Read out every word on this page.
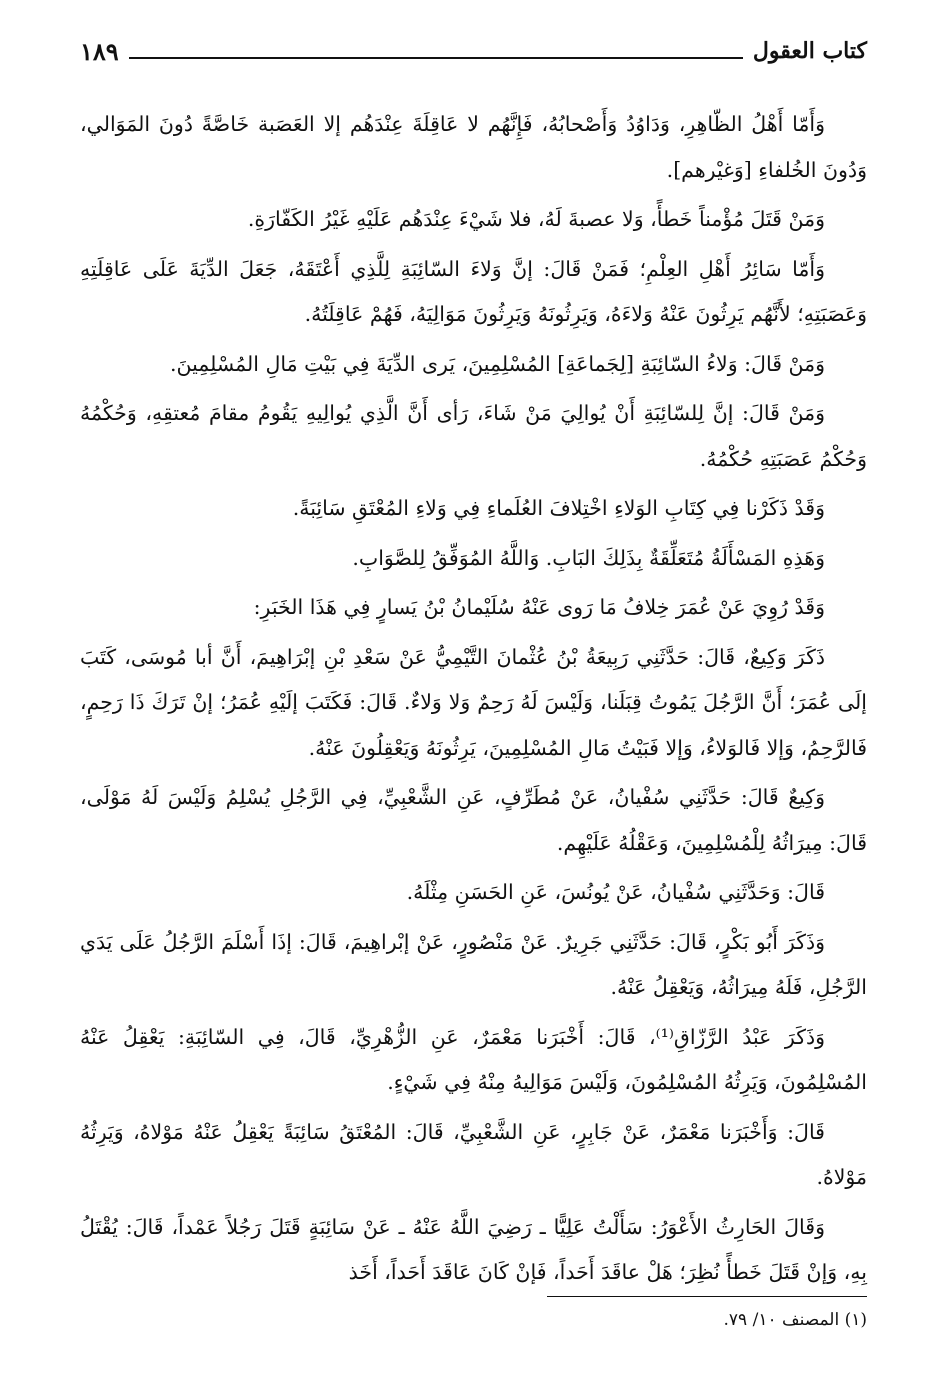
كتاب العقول
١٨٩

وَأَمّا أَهْلُ الظّاهِرِ، وَدَاوُدُ وَأَصْحابُهُ، فَإِنَّهُم لا عَاقِلَةَ عِنْدَهُم إلا العَصَبة خَاصَّةً دُونَ المَوَالي، وَدُونَ الخُلفاءِ [وَغيْرهم].

وَمَنْ قَتَلَ مُؤْمناً خَطأً، وَلا عصبةَ لَهُ، فلا شَيْءَ عِنْدَهُم عَلَيْهِ غَيْرُ الكَفّارَةِ.

وَأَمّا سَائِرُ أَهْلِ العِلْمِ؛ فَمَنْ قَالَ: إنَّ وَلاءَ السّائِبَةِ لِلَّذِي أَعْتَقَهُ، جَعَلَ الدِّيَةَ عَلَى عَاقِلَتِهِ وَعَصَبَتِهِ؛ لأَنَّهُم يَرِثُونَ عَنْهُ وَلاءَهُ، وَيَرِثُونَهُ وَيَرِثُونَ مَوَالِيَهُ، فَهُمْ عَاقِلَتُهُ.

وَمَنْ قَالَ: وَلاءُ السّائِبَةِ [لِجَماعَةِ] المُسْلِمِينَ، يَرى الدِّيَةَ فِي بَيْتِ مَالِ المُسْلِمِينَ.

وَمَنْ قَالَ: إنَّ لِلسّائِبَةِ أَنْ يُوالِيَ مَنْ شَاءَ، رَأى أَنَّ الَّذِي يُوالِيهِ يَقُومُ مقامَ مُعتقِهِ، وَحُكْمُهُ وَحُكْمُ عَصَبَتِهِ حُكْمُهُ.

وَقَدْ ذَكَرْنا فِي كِتَابِ الوَلاءِ اخْتِلافَ العُلَماءِ فِي وَلاءِ المُعْتَقِ سَائِبَةً.

وَهَذِهِ المَسْأَلَةُ مُتَعَلِّقَةٌ بِذَلِكَ البَابِ. وَاللَّهُ المُوَفِّقُ لِلصَّوَابِ.

وَقَدْ رُوِيَ عَنْ عُمَرَ خِلافُ مَا رَوى عَنْهُ سُلَيْمانُ بْنُ يَسارٍ فِي هَذَا الخَبَرِ:

ذَكَرَ وَكِيعٌ، قَالَ: حَدَّثَنِي رَبِيعَةُ بْنُ عُثْمانَ التَّيْمِيُّ عَنْ سَعْدِ بْنِ إبْرَاهِيمَ، أَنَّ أبا مُوسَى، كَتَبَ إلَى عُمَرَ؛ أَنَّ الرَّجُلَ يَمُوتُ قِبَلَنا، وَلَيْسَ لَهُ رَحِمٌ وَلا وَلاءٌ. قَالَ: فَكَتَبَ إلَيْهِ عُمَرُ؛ إنْ تَرَكَ ذَا رَحِمٍ، فَالرَّحِمُ، وَإلا فَالوَلاءُ، وَإلا فَبَيْتُ مَالِ المُسْلِمِينَ، يَرِثُونَهُ وَيَعْقِلُونَ عَنْهُ.

وَكِيعٌ قَالَ: حَدَّثَنِي سُفْيانُ، عَنْ مُطَرِّفٍ، عَنِ الشَّعْبِيِّ، فِي الرَّجُلِ يُسْلِمُ وَلَيْسَ لَهُ مَوْلَى، قَالَ: مِيرَاثُهُ لِلْمُسْلِمِينَ، وَعَقْلُهُ عَلَيْهِم.

قَالَ: وَحَدَّثَنِي سُفْيانُ، عَنْ يُونُسَ، عَنِ الحَسَنِ مِثْلَهُ.

وَذَكَرَ أَبُو بَكْرٍ، قَالَ: حَدَّثَنِي جَرِيرٌ. عَنْ مَنْصُورٍ، عَنْ إبْراهِيمَ، قَالَ: إذَا أَسْلَمَ الرَّجُلُ عَلَى يَدَي الرَّجُلِ، فَلَهُ مِيرَاثُهُ، وَيَعْقِلُ عَنْهُ.

وَذَكَرَ عَبْدُ الرَّزّاقِ⁽¹⁾، قَالَ: أَخْبَرَنا مَعْمَرٌ، عَنِ الزُّهْرِيِّ، قَالَ، فِي السّائِبَةِ: يَعْقِلُ عَنْهُ المُسْلِمُونَ، وَيَرِثُهُ المُسْلِمُونَ، وَلَيْسَ مَوَالِيهُ مِنْهُ فِي شَيْءٍ.

قَالَ: وَأَخْبَرَنا مَعْمَرٌ، عَنْ جَابِرٍ، عَنِ الشَّعْبِيِّ، قَالَ: المُعْتَقُ سَائِبَةً يَعْقِلُ عَنْهُ مَوْلاهُ، وَيَرِثُهُ مَوْلاهُ.

وَقَالَ الحَارِثُ الأَعْوَرُ: سَأَلْتُ عَلِيًّا ـ رَضِيَ اللَّهُ عَنْهُ ـ عَنْ سَائِبَةٍ قَتَلَ رَجُلاً عَمْداً، قَالَ: يُقْتَلُ بِهِ، وَإنْ قَتَلَ خَطأً نُظِرَ؛ هَلْ عاقَدَ أَحَداً، فَإنْ كَانَ عَاقَدَ أَحَداً، أَخَذ

(١) المصنف ١٠/ ٧٩.
